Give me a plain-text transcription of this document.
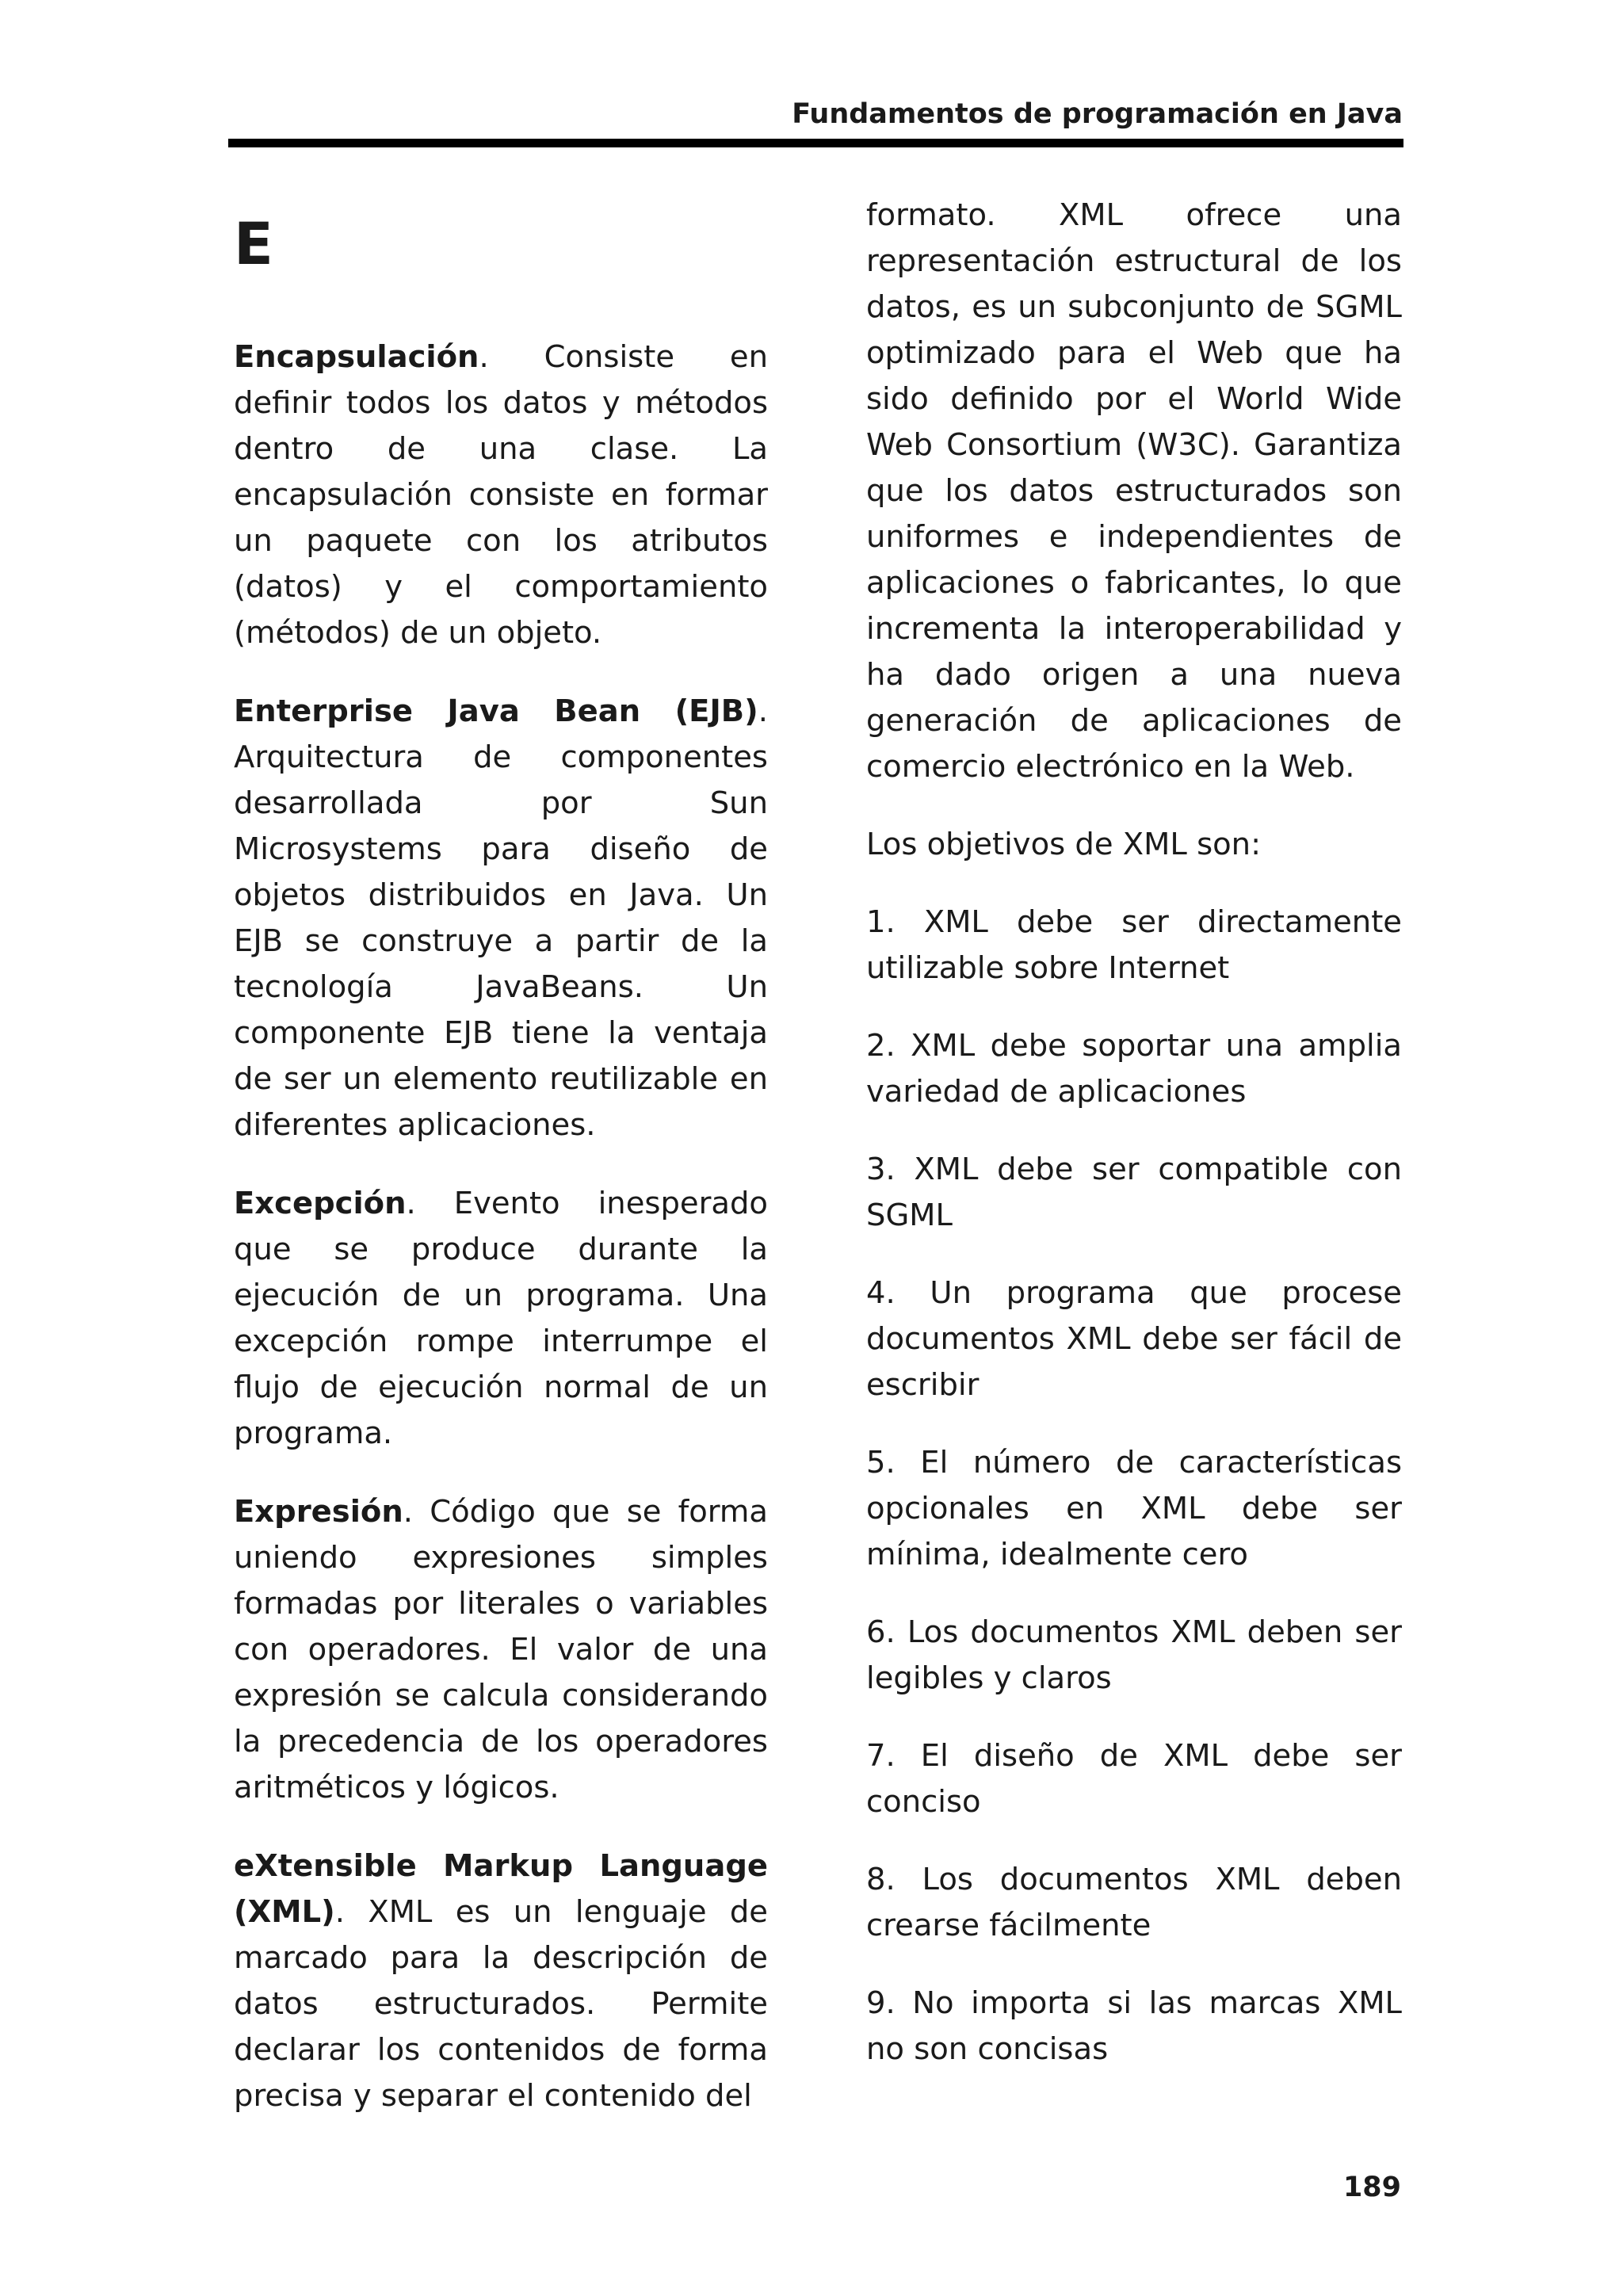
Fundamentos de programación en Java
E

Encapsulación. Consiste en definir todos los datos y métodos dentro de una clase. La encapsulación consiste en formar un paquete con los atributos (datos) y el comportamiento (métodos) de un objeto.

Enterprise Java Bean (EJB). Arquitectura de componentes desarrollada por Sun Microsystems para diseño de objetos distribuidos en Java. Un EJB se construye a partir de la tecnología JavaBeans. Un componente EJB tiene la ventaja de ser un elemento reutilizable en diferentes aplicaciones.

Excepción. Evento inesperado que se produce durante la ejecución de un programa. Una excepción rompe interrumpe el flujo de ejecución normal de un programa.

Expresión. Código que se forma uniendo expresiones simples formadas por literales o variables con operadores. El valor de una expresión se calcula considerando la precedencia de los operadores aritméticos y lógicos.

eXtensible Markup Language (XML). XML es un lenguaje de marcado para la descripción de datos estructurados. Permite declarar los contenidos de forma precisa y separar el contenido del

formato. XML ofrece una representación estructural de los datos, es un subconjunto de SGML optimizado para el Web que ha sido definido por el World Wide Web Consortium (W3C). Garantiza que los datos estructurados son uniformes e independientes de aplicaciones o fabricantes, lo que incrementa la interoperabilidad y ha dado origen a una nueva generación de aplicaciones de comercio electrónico en la Web.

Los objetivos de XML son:

1. XML debe ser directamente utilizable sobre Internet

2. XML debe soportar una amplia variedad de aplicaciones

3. XML debe ser compatible con SGML

4. Un programa que procese documentos XML debe ser fácil de escribir

5. El número de características opcionales en XML debe ser mínima, idealmente cero

6. Los documentos XML deben ser legibles y claros

7. El diseño de XML debe ser conciso

8. Los documentos XML deben crearse fácilmente

9. No importa si las marcas XML no son concisas

189
